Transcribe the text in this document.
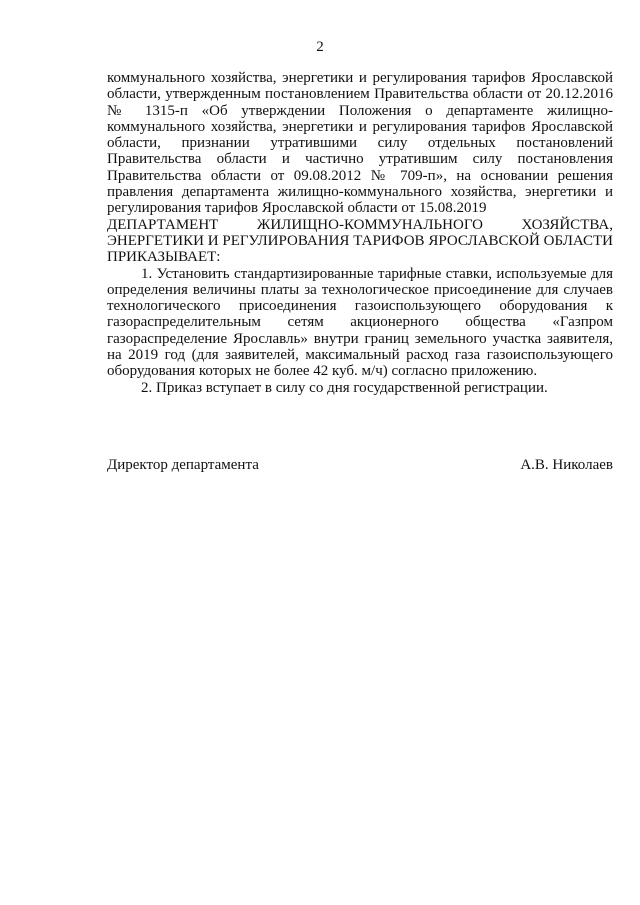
2

коммунального хозяйства, энергетики и регулирования тарифов Ярославской области, утвержденным постановлением Правительства области от 20.12.2016 № 1315-п «Об утверждении Положения о департаменте жилищно-коммунального хозяйства, энергетики и регулирования тарифов Ярославской области, признании утратившими силу отдельных постановлений Правительства области и частично утратившим силу постановления Правительства области от 09.08.2012 № 709-п», на основании решения правления департамента жилищно-коммунального хозяйства, энергетики и регулирования тарифов Ярославской области от 15.08.2019

ДЕПАРТАМЕНТ ЖИЛИЩНО-КОММУНАЛЬНОГО ХОЗЯЙСТВА, ЭНЕРГЕТИКИ И РЕГУЛИРОВАНИЯ ТАРИФОВ ЯРОСЛАВСКОЙ ОБЛАСТИ ПРИКАЗЫВАЕТ:

1. Установить стандартизированные тарифные ставки, используемые для определения величины платы за технологическое присоединение для случаев технологического присоединения газоиспользующего оборудования к газораспределительным сетям акционерного общества «Газпром газораспределение Ярославль» внутри границ земельного участка заявителя, на 2019 год (для заявителей, максимальный расход газа газоиспользующего оборудования которых не более 42 куб. м/ч) согласно приложению.

2. Приказ вступает в силу со дня государственной регистрации.

Директор департамента	А.В. Николаев
